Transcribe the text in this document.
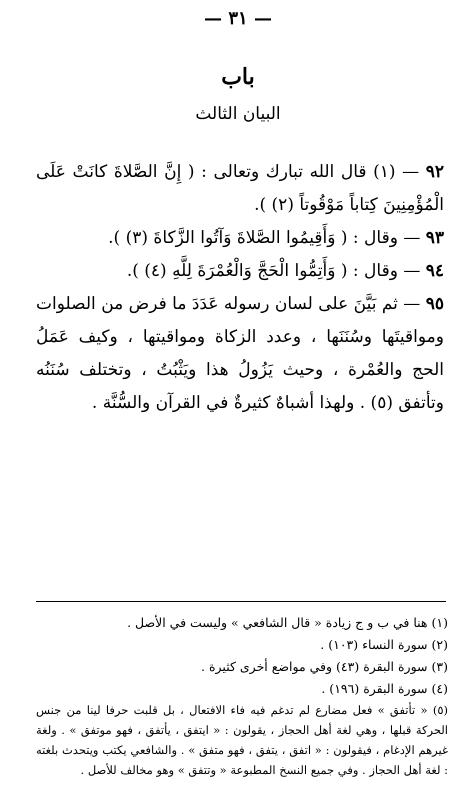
— ٣١ —
باب
البيان الثالث

٩٢ — (١) قال الله تبارك وتعالى : ( إِنَّ الصَّلاةَ كانَتْ عَلَى الْمُؤْمِنِينَ كِتاباً مَوْقُوتاً (٢) ).

٩٣ — وقال : ( وَأَقِيمُوا الصَّلاةَ وَآتُوا الزَّكاةَ (٣) ).

٩٤ — وقال : ( وَأَتِمُّوا الْحَجَّ وَالْعُمْرَةَ لِلَّهِ (٤) ).

٩٥ — ثم بَيَّنَ على لسان رسوله عَدَدَ ما فرض من الصلوات ومواقيتَها وسُنَنَها ، وعدد الزكاة ومواقيتها ، وكيف عَمَلُ الحج والعُمْرة ، وحيث يَزُولُ هذا ويَثْبُتُ ، وتختلف سُنَنُه وتأتفق (٥) . ولهذا أشباهٌ كثيرةٌ في القرآن والسُّنَّة .

(١) هنا في ب و ج زيادة « قال الشافعي » وليست في الأصل .

(٢) سورة النساء (١٠٣) .

(٣) سورة البقرة (٤٣) وفي مواضع أخرى كثيرة .

(٤) سورة البقرة (١٩٦) .

(٥) « تأتفق » فعل مضارع لم تدغم فيه فاء الافتعال ، بل قلبت حرفا لينا من جنس الحركة قبلها ، وهي لغة أهل الحجاز ، يقولون : « ايتفق ، يأتفق ، فهو موتفق » . ولغة غيرهم الإدغام ، فيقولون : « اتفق ، يتفق ، فهو متفق » . والشافعي يكتب ويتحدث بلغته : لغة أهل الحجاز . وفي جميع النسخ المطبوعة « وتتفق » وهو مخالف للأصل .
